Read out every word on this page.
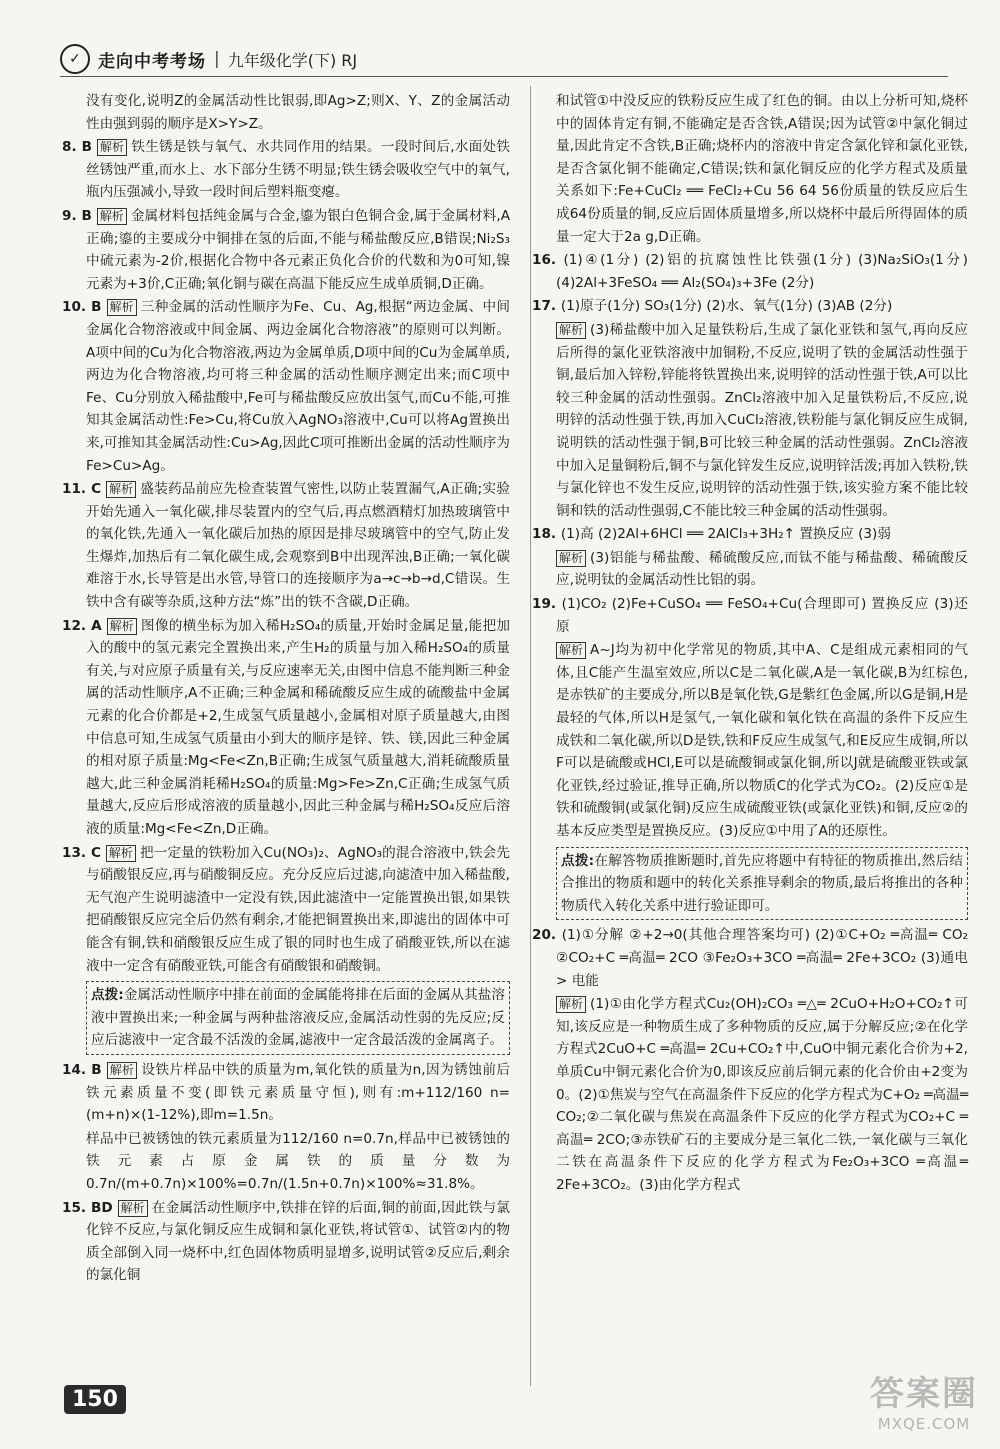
✓	走向中考考场 | 九年级化学(下) RJ
没有变化,说明Z的金属活动性比银弱,即Ag>Z;则X、Y、Z的金属活动性由强到弱的顺序是X>Y>Z。
8. B 解析 铁生锈是铁与氧气、水共同作用的结果。一段时间后,水面处铁丝锈蚀严重,而水上、水下部分生锈不明显;铁生锈会吸收空气中的氧气,瓶内压强减小,导致一段时间后塑料瓶变瘪。
9. B 解析 金属材料包括纯金属与合金,鎏为银白色铜合金,属于金属材料,A正确;鎏的主要成分中铜排在氢的后面,不能与稀盐酸反应,B错误;Ni₂S₃中硫元素为-2价,根据化合物中各元素正负化合价的代数和为0可知,镍元素为+3价,C正确;氧化铜与碳在高温下能反应生成单质铜,D正确。
10. B 解析 三种金属的活动性顺序为Fe、Cu、Ag,根据“两边金属、中间金属化合物溶液或中间金属、两边金属化合物溶液”的原则可以判断。A项中间的Cu为化合物溶液,两边为金属单质,D项中间的Cu为金属单质,两边为化合物溶液,均可将三种金属的活动性顺序测定出来;而C项中Fe、Cu分别放入稀盐酸中,Fe可与稀盐酸反应放出氢气,而Cu不能,可推知其金属活动性:Fe>Cu,将Cu放入AgNO₃溶液中,Cu可以将Ag置换出来,可推知其金属活动性:Cu>Ag,因此C项可推断出金属的活动性顺序为Fe>Cu>Ag。
11. C 解析 盛装药品前应先检查装置气密性,以防止装置漏气,A正确;实验开始先通入一氧化碳,排尽装置内的空气后,再点燃酒精灯加热玻璃管中的氧化铁,先通入一氧化碳后加热的原因是排尽玻璃管中的空气,防止发生爆炸,加热后有二氧化碳生成,会观察到B中出现浑浊,B正确;一氧化碳难溶于水,长导管是出水管,导管口的连接顺序为a→c→b→d,C错误。生铁中含有碳等杂质,这种方法“炼”出的铁不含碳,D正确。
12. A 解析 图像的横坐标为加入稀H₂SO₄的质量,开始时金属足量,能把加入的酸中的氢元素完全置换出来,产生H₂的质量与加入稀H₂SO₄的质量有关,与对应原子质量有关,与反应速率无关,由图中信息不能判断三种金属的活动性顺序,A不正确;三种金属和稀硫酸反应生成的硫酸盐中金属元素的化合价都是+2,生成氢气质量越小,金属相对原子质量越大,由图中信息可知,生成氢气质量由小到大的顺序是锌、铁、镁,因此三种金属的相对原子质量:Mg<Fe<Zn,B正确;生成氢气质量越大,消耗硫酸质量越大,此三种金属消耗稀H₂SO₄的质量:Mg>Fe>Zn,C正确;生成氢气质量越大,反应后形成溶液的质量越小,因此三种金属与稀H₂SO₄反应后溶液的质量:Mg<Fe<Zn,D正确。
13. C 解析 把一定量的铁粉加入Cu(NO₃)₂、AgNO₃的混合溶液中,铁会先与硝酸银反应,再与硝酸铜反应。充分反应后过滤,向滤渣中加入稀盐酸,无气泡产生说明滤渣中一定没有铁,因此滤渣中一定能置换出银,如果铁把硝酸银反应完全后仍然有剩余,才能把铜置换出来,即滤出的固体中可能含有铜,铁和硝酸银反应生成了银的同时也生成了硝酸亚铁,所以在滤液中一定含有硝酸亚铁,可能含有硝酸银和硝酸铜。
点拨:金属活动性顺序中排在前面的金属能将排在后面的金属从其盐溶液中置换出来;一种金属与两种盐溶液反应,金属活动性弱的先反应;反应后滤液中一定含最不活泼的金属,滤液中一定含最活泼的金属离子。
14. B 解析 设铁片样品中铁的质量为m,氧化铁的质量为n,因为锈蚀前后铁元素质量不变(即铁元素质量守恒),则有:m+112/160 n=(m+n)×(1-12%),即m=1.5n。
样品中已被锈蚀的铁元素质量为112/160 n=0.7n,样品中已被锈蚀的铁元素占原金属铁的质量分数为 0.7n/(m+0.7n)×100%=0.7n/(1.5n+0.7n)×100%≈31.8%。
15. BD 解析 在金属活动性顺序中,铁排在锌的后面,铜的前面,因此铁与氯化锌不反应,与氯化铜反应生成铜和氯化亚铁,将试管①、试管②内的物质全部倒入同一烧杯中,红色固体物质明显增多,说明试管②反应后,剩余的氯化铜
和试管①中没反应的铁粉反应生成了红色的铜。由以上分析可知,烧杯中的固体肯定有铜,不能确定是否含铁,A错误;因为试管②中氯化铜过量,因此肯定不含铁,B正确;烧杯内的溶液中肯定含氯化锌和氯化亚铁,是否含氯化铜不能确定,C错误;铁和氯化铜反应的化学方程式及质量关系如下:Fe+CuCl₂ ══ FeCl₂+Cu 56 64 56份质量的铁反应后生成64份质量的铜,反应后固体质量增多,所以烧杯中最后所得固体的质量一定大于2a g,D正确。
16. (1)④(1分) (2)铝的抗腐蚀性比铁强(1分) (3)Na₂SiO₃(1分) (4)2Al+3FeSO₄ ══ Al₂(SO₄)₃+3Fe (2分)
17. (1)原子(1分) SO₃(1分) (2)水、氧气(1分) (3)AB (2分)
解析 (3)稀盐酸中加入足量铁粉后,生成了氯化亚铁和氢气,再向反应后所得的氯化亚铁溶液中加铜粉,不反应,说明了铁的金属活动性强于铜,最后加入锌粉,锌能将铁置换出来,说明锌的活动性强于铁,A可以比较三种金属的活动性强弱。ZnCl₂溶液中加入足量铁粉后,不反应,说明锌的活动性强于铁,再加入CuCl₂溶液,铁粉能与氯化铜反应生成铜,说明铁的活动性强于铜,B可比较三种金属的活动性强弱。ZnCl₂溶液中加入足量铜粉后,铜不与氯化锌发生反应,说明锌活泼;再加入铁粉,铁与氯化锌也不发生反应,说明锌的活动性强于铁,该实验方案不能比较铜和铁的活动性强弱,C不能比较三种金属的活动性强弱。
18. (1)高 (2)2Al+6HCl ══ 2AlCl₃+3H₂↑ 置换反应 (3)弱
解析 (3)铝能与稀盐酸、稀硫酸反应,而钛不能与稀盐酸、稀硫酸反应,说明钛的金属活动性比铝的弱。
19. (1)CO₂ (2)Fe+CuSO₄ ══ FeSO₄+Cu(合理即可) 置换反应 (3)还原
解析 A~J均为初中化学常见的物质,其中A、C是组成元素相同的气体,且C能产生温室效应,所以C是二氧化碳,A是一氧化碳,B为红棕色,是赤铁矿的主要成分,所以B是氧化铁,G是紫红色金属,所以G是铜,H是最轻的气体,所以H是氢气,一氧化碳和氧化铁在高温的条件下反应生成铁和二氧化碳,所以D是铁,铁和F反应生成氢气,和E反应生成铜,所以F可以是硫酸或HCl,E可以是硫酸铜或氯化铜,所以J就是硫酸亚铁或氯化亚铁,经过验证,推导正确,所以物质C的化学式为CO₂。(2)反应①是铁和硫酸铜(或氯化铜)反应生成硫酸亚铁(或氯化亚铁)和铜,反应②的基本反应类型是置换反应。(3)反应①中用了A的还原性。
点拨:在解答物质推断题时,首先应将题中有特征的物质推出,然后结合推出的物质和题中的转化关系推导剩余的物质,最后将推出的各种物质代入转化关系中进行验证即可。
20. (1)①分解 ②+2→0(其他合理答案均可) (2)①C+O₂ ═高温═ CO₂ ②CO₂+C ═高温═ 2CO ③Fe₂O₃+3CO ═高温═ 2Fe+3CO₂ (3)通电 > 电能
解析 (1)①由化学方程式Cu₂(OH)₂CO₃ ═△═ 2CuO+H₂O+CO₂↑可知,该反应是一种物质生成了多种物质的反应,属于分解反应;②在化学方程式2CuO+C ═高温═ 2Cu+CO₂↑中,CuO中铜元素化合价为+2,单质Cu中铜元素化合价为0,即该反应前后铜元素的化合价由+2变为0。(2)①焦炭与空气在高温条件下反应的化学方程式为C+O₂ ═高温═ CO₂;②二氧化碳与焦炭在高温条件下反应的化学方程式为CO₂+C ═高温═ 2CO;③赤铁矿石的主要成分是三氧化二铁,一氧化碳与三氧化二铁在高温条件下反应的化学方程式为Fe₂O₃+3CO ═高温═ 2Fe+3CO₂。(3)由化学方程式
150	答案圈
MXQE.COM
